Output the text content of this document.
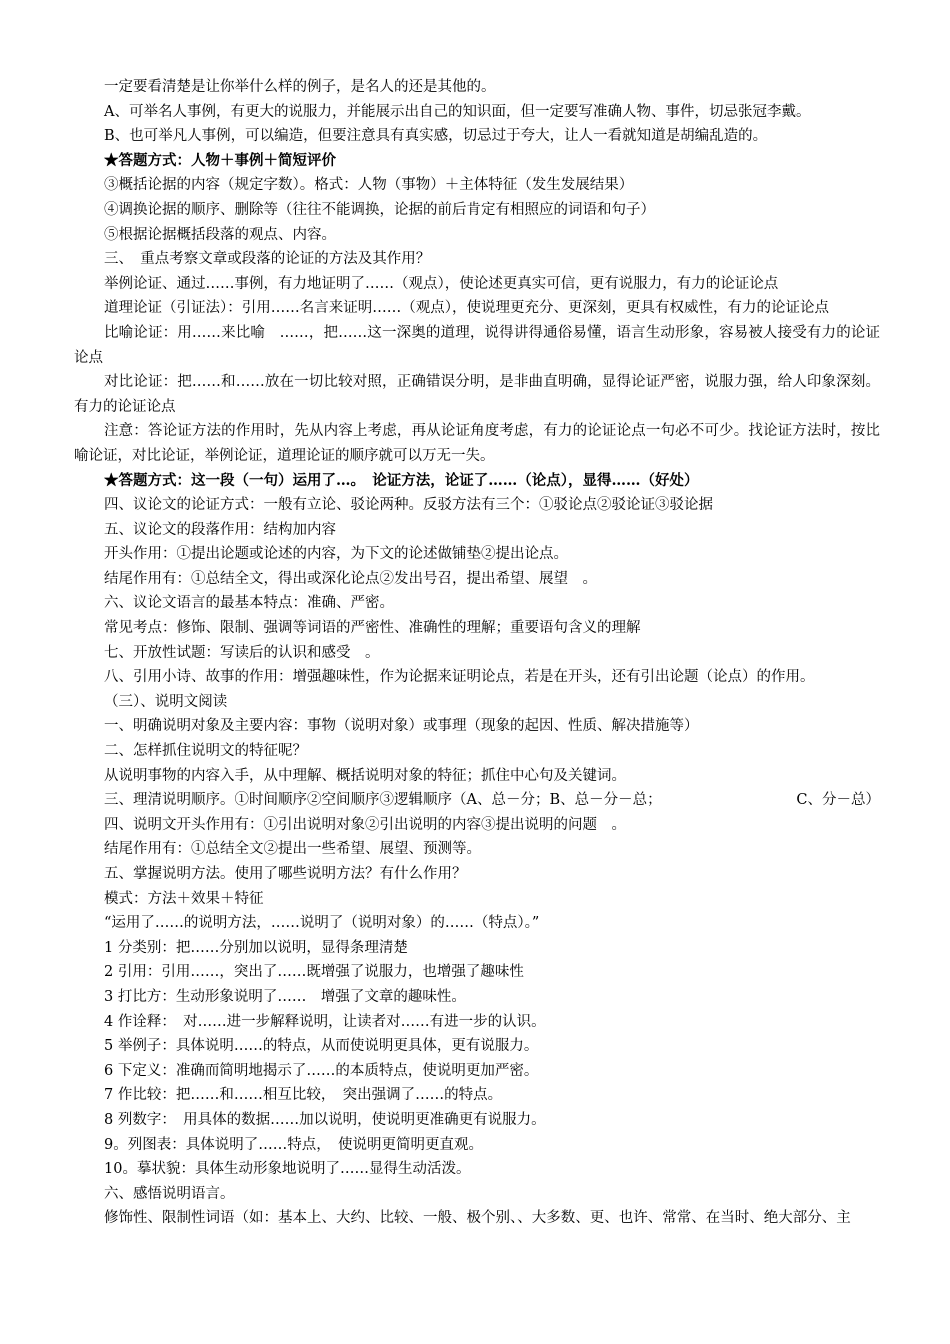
一定要看清楚是让你举什么样的例子，是名人的还是其他的。

A、可举名人事例，有更大的说服力，并能展示出自己的知识面，但一定要写准确人物、事件，切忌张冠李戴。

B、也可举凡人事例，可以编造，但要注意具有真实感，切忌过于夸大，让人一看就知道是胡编乱造的。

★答题方式：人物＋事例＋简短评价

③概括论据的内容（规定字数）。格式：人物（事物）＋主体特征（发生发展结果）

④调换论据的顺序、删除等（往往不能调换，论据的前后肯定有相照应的词语和句子）

⑤根据论据概括段落的观点、内容。

三、　重点考察文章或段落的论证的方法及其作用？

举例论证、通过……事例，有力地证明了……（观点），使论述更真实可信，更有说服力，有力的论证论点

道理论证（引证法）：引用……名言来证明……（观点），使说理更充分、更深刻，更具有权威性，有力的论证论点

比喻论证：用……来比喻　……，把……这一深奥的道理，说得讲得通俗易懂，语言生动形象，容易被人接受有力的论证论点

对比论证：把……和……放在一切比较对照，正确错误分明，是非曲直明确，显得论证严密，说服力强，给人印象深刻。有力的论证论点

注意：答论证方法的作用时，先从内容上考虑，再从论证角度考虑，有力的论证论点一句必不可少。找论证方法时，按比喻论证，对比论证，举例论证，道理论证的顺序就可以万无一失。

★答题方式：这一段（一句）运用了…。　论证方法，论证了……（论点），显得……（好处）

四、议论文的论证方式：一般有立论、驳论两种。反驳方法有三个：①驳论点②驳论证③驳论据

五、议论文的段落作用：结构加内容

开头作用：①提出论题或论述的内容，为下文的论述做铺垫②提出论点。

结尾作用有：①总结全文，得出或深化论点②发出号召，提出希望、展望　。

六、议论文语言的最基本特点：准确、严密。

常见考点：修饰、限制、强调等词语的严密性、准确性的理解；重要语句含义的理解

七、开放性试题：写读后的认识和感受　。

八、引用小诗、故事的作用：增强趣味性，作为论据来证明论点，若是在开头，还有引出论题（论点）的作用。

（三）、说明文阅读

一、明确说明对象及主要内容：事物（说明对象）或事理（现象的起因、性质、解决措施等）

二、怎样抓住说明文的特征呢？

从说明事物的内容入手，从中理解、概括说明对象的特征；抓住中心句及关键词。

三、理清说明顺序。①时间顺序②空间顺序③逻辑顺序（A、总－分；B、总－分－总；	C、分－总）

四、说明文开头作用有：①引出说明对象②引出说明的内容③提出说明的问题　。

结尾作用有：①总结全文②提出一些希望、展望、预测等。

五、掌握说明方法。使用了哪些说明方法？有什么作用？

模式：方法＋效果＋特征

“运用了……的说明方法，……说明了（说明对象）的……（特点）。”

1 分类别：把……分别加以说明，显得条理清楚

2 引用：引用……，突出了……既增强了说服力，也增强了趣味性

3 打比方：生动形象说明了……　增强了文章的趣味性。

4 作诠释：　对……进一步解释说明，让读者对……有进一步的认识。

5 举例子：具体说明……的特点，从而使说明更具体，更有说服力。

6 下定义：准确而简明地揭示了……的本质特点，使说明更加严密。

7 作比较：把……和……相互比较，　突出强调了……的特点。

8 列数字：　用具体的数据……加以说明，使说明更准确更有说服力。

9。列图表：具体说明了……特点，　使说明更简明更直观。

10。摹状貌：具体生动形象地说明了……显得生动活泼。

六、感悟说明语言。

修饰性、限制性词语（如：基本上、大约、比较、一般、极个别、、大多数、更、也许、常常、在当时、绝大部分、主
